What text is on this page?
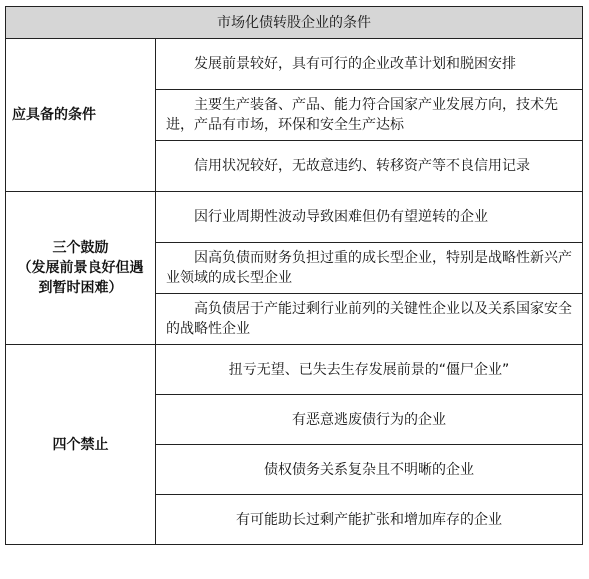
市场化债转股企业的条件	
应具备的条件	发展前景较好，具有可行的企业改革计划和脱困安排
	主要生产装备、产品、能力符合国家产业发展方向，技术先进，产品有市场，环保和安全生产达标
	信用状况较好，无故意违约、转移资产等不良信用记录

三个鼓励
（发展前景良好但遇到暂时困难）	因行业周期性波动导致困难但仍有望逆转的企业
	因高负债而财务负担过重的成长型企业，特别是战略性新兴产业领域的成长型企业
	高负债居于产能过剩行业前列的关键性企业以及关系国家安全的战略性企业
四个禁止	扭亏无望、已失去生存发展前景的“僵尸企业”
	有恶意逃废债行为的企业
	债权债务关系复杂且不明晰的企业
	有可能助长过剩产能扩张和增加库存的企业
